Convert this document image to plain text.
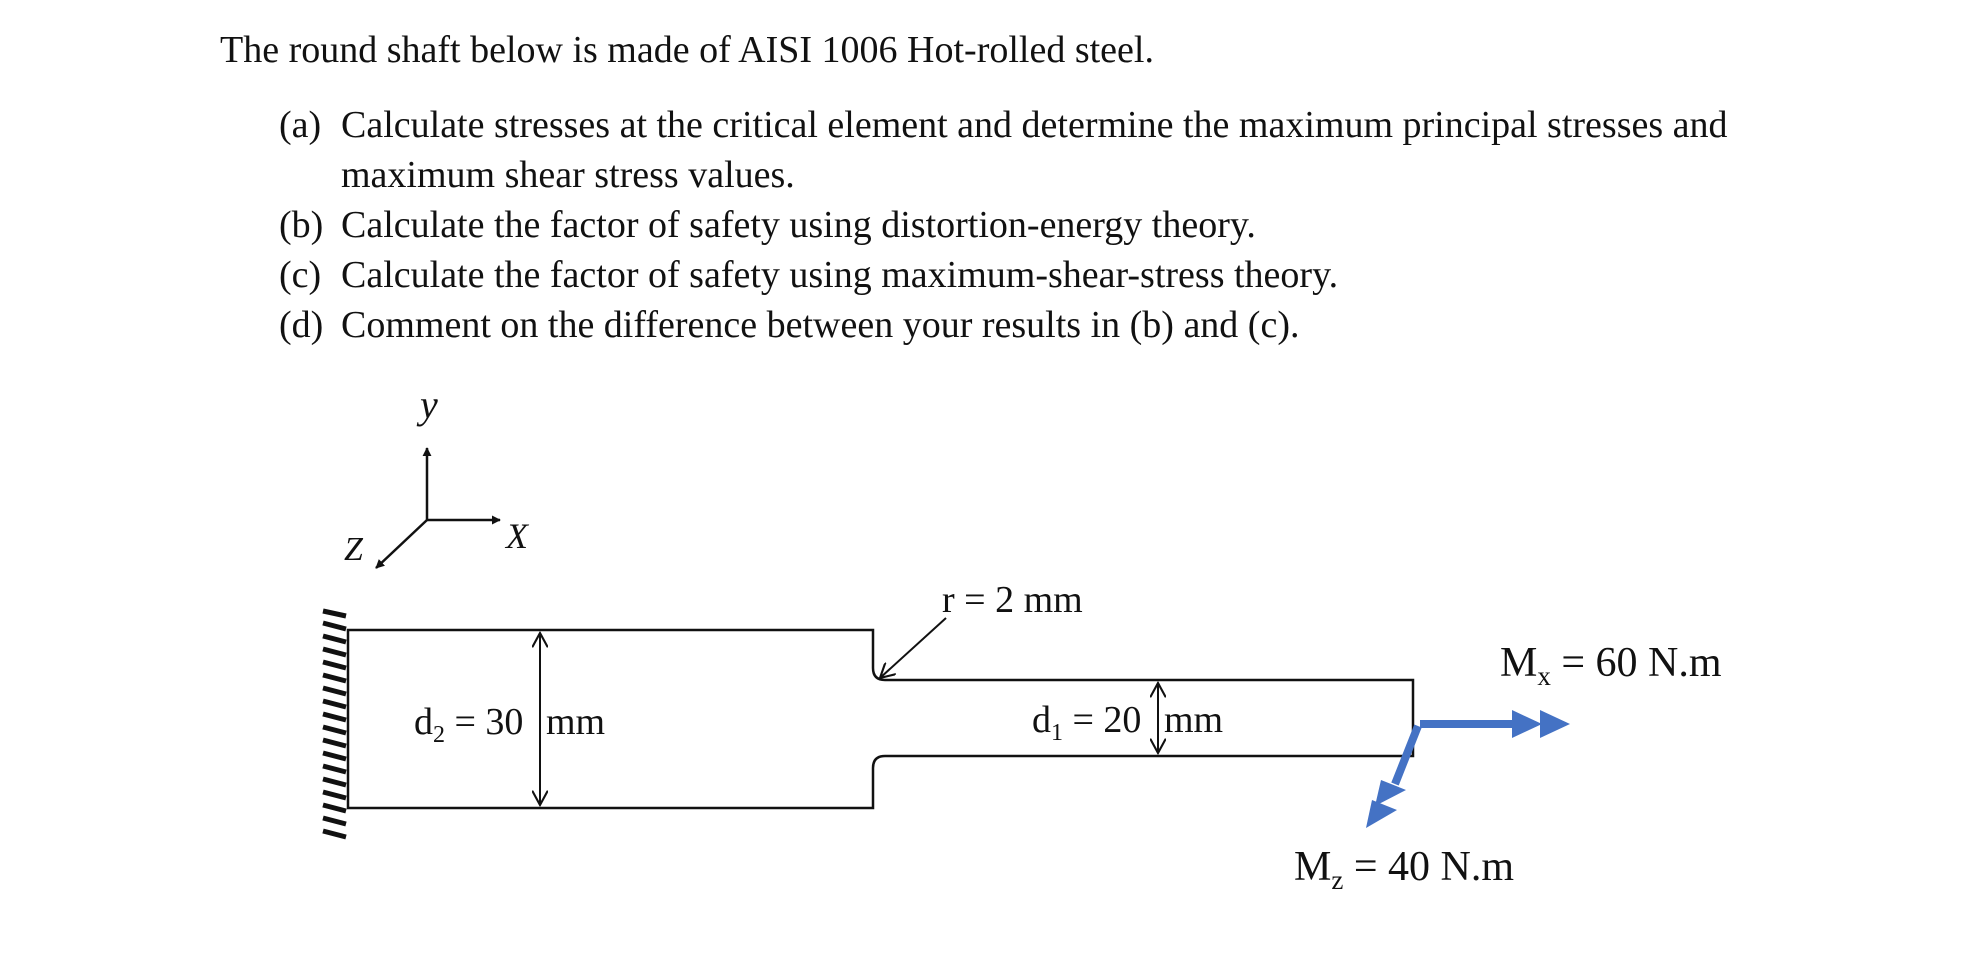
The round shaft below is made of AISI 1006 Hot-rolled steel.
(a) Calculate stresses at the critical element and determine the maximum principal stresses and maximum shear stress values.
(b) Calculate the factor of safety using distortion-energy theory.
(c) Calculate the factor of safety using maximum-shear-stress theory.
(d) Comment on the difference between your results in (b) and (c).
y
X
Z
r = 2 mm
$d_2 = 30$ mm	$d_1 = 20$ mm
$M_x = 60$ N.m
$M_z = 40$ N.m
